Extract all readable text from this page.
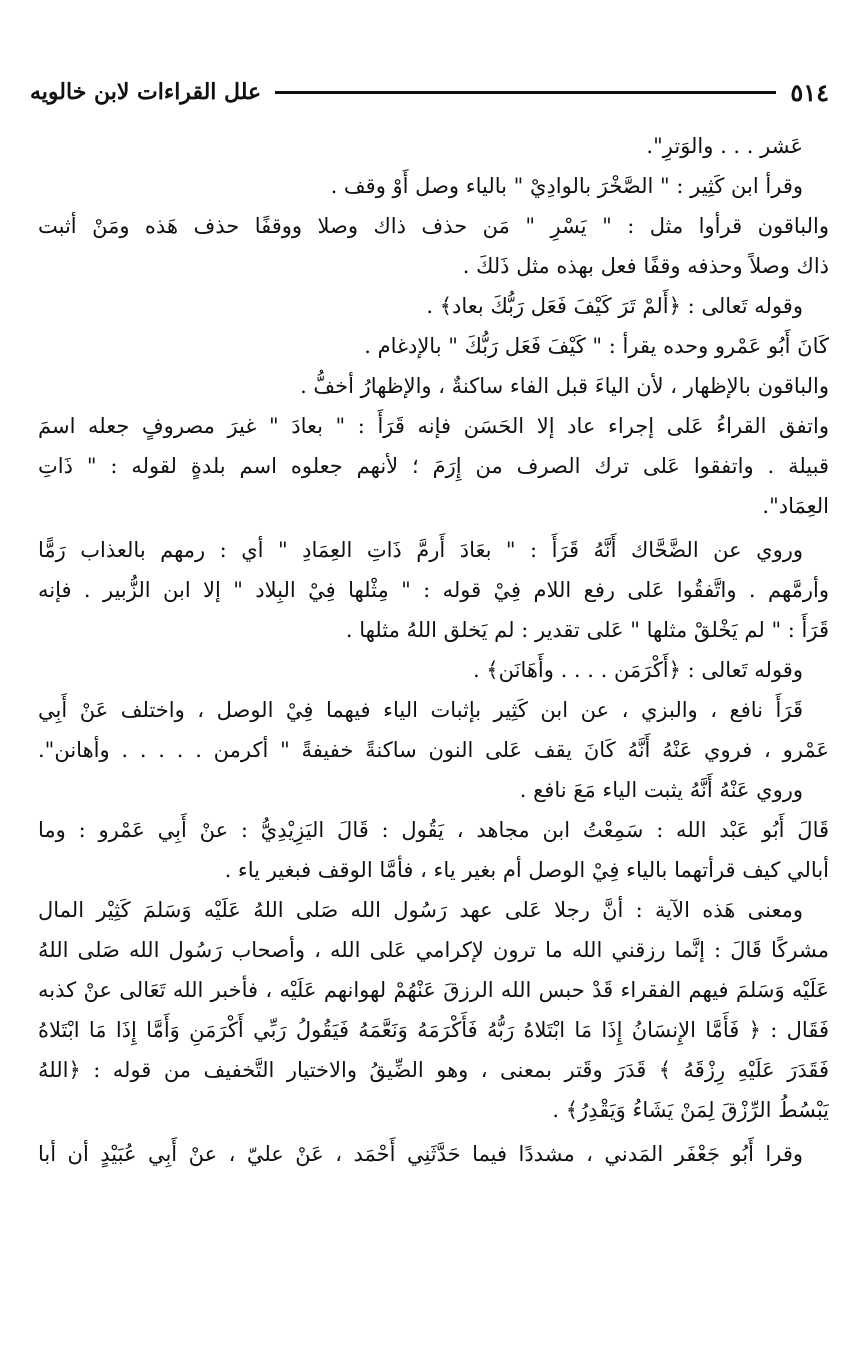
٥١٤
علل القراءات لابن خالويه
عَشر . . . والوَترِ".
وقرأ ابن كَثِير : " الصَّخْرَ بالوادِيْ " بالياء وصل أَوْ وقف .
والباقون قرأوا مثل : " يَسْرِ " مَن حذف ذاك وصلا ووقفًا حذف هَذه ومَنْ أثبت
ذاك وصلاً وحذفه وقفًا فعل بهذه مثل ذَلكَ .
وقوله تَعالى : ﴿أَلمْ تَرَ كَيْفَ فَعَل رَبُّكَ بعاد﴾ .
كَانَ أَبُو عَمْرو وحده يقرأ : " كَيْفَ فَعَل رَبُّكَ " بالإدغام .
والباقون بالإظهار ، لأن الياءَ قبل الفاء ساكنةٌ ، والإظهارُ أخفُّ .
واتفق القراءُ عَلى إجراء عاد إلا الحَسَن فإنه قَرَأَ : " بعادَ " غيرَ مصروفٍ جعله اسمَ
قبيلة . واتفقوا عَلى ترك الصرف من إِرَمَ ؛ لأنهم جعلوه اسم بلدةٍ لقوله : " ذَاتِ
العِمَاد".
وروي عن الضَّحَّاك أَنَّهُ قَرَأَ : " بعَادَ أَرمَّ ذَاتِ العِمَادِ " أي : رمهم بالعذاب رَمًّا
وأرمَّهم . واتَّفقُوا عَلى رفع اللام فِيْ قوله : " مِثْلها فِيْ البِلاد " إلا ابن الزُّبير . فإنه
قَرَأَ : " لم يَخْلقْ مثلها " عَلى تقدير : لم يَخلق اللهُ مثلها .
وقوله تَعالى : ﴿أَكْرَمَن . . . . وأَهَانَن﴾ .
قَرَأَ نافع ، والبزي ، عن ابن كَثِير بإثبات الياء فيهما فِيْ الوصل ، واختلف عَنْ أَبِي
عَمْرو ، فروي عَنْهُ أَنَّهُ كَانَ يقف عَلى النون ساكنةً خفيفةً " أكرمن . . . . . وأهانن".
وروي عَنْهُ أَنَّهُ يثبت الياء مَعَ نافع .
قَالَ أَبُو عَبْد الله : سَمِعْتُ ابن مجاهد ، يَقُول : قَالَ اليَزِيْدِيُّ : عنْ أَبِي عَمْرو : وما
أبالي كيف قرأتهما بالياء فِيْ الوصل أم بغير ياء ، فأمَّا الوقف فبغير ياء .
ومعنى هَذه الآية : أنَّ رجلا عَلى عهد رَسُول الله صَلى اللهُ عَلَيْه وَسَلمَ كَثِيْر المال
مشركًا قَالَ : إنَّما رزقني الله ما ترون لإكرامي عَلى الله ، وأصحاب رَسُول الله صَلى اللهُ
عَلَيْه وَسَلمَ فيهم الفقراء قَدْ حبس الله الرزقَ عَنْهُمْ لهوانهم عَلَيْه ، فأخبر الله تَعَالى عنْ كذبه
فَقَال : ﴿ فَأَمَّا الإِنسَانُ إِذَا مَا ابْتَلاهُ رَبُّهُ فَأَكْرَمَهُ وَنَعَّمَهُ فَيَقُولُ رَبِّي أَكْرَمَنِ وَأَمَّا إِذَا مَا ابْتَلاهُ
فَقَدَرَ عَلَيْهِ رِزْقَهُ ﴾ قَدَرَ وقَتر بمعنى ، وهو الضِّيقُ والاختيار التَّخفيف من قوله : ﴿اللهُ
يَبْسُطُ الرِّزْقَ لِمَنْ يَشَاءُ وَيَقْدِرُ﴾ .
وقرا أَبُو جَعْفَر المَدني ، مشددًا فيما حَدَّثَنِي أَحْمَد ، عَنْ عليّ ، عنْ أَبِي عُبَيْدٍ أن أبا
